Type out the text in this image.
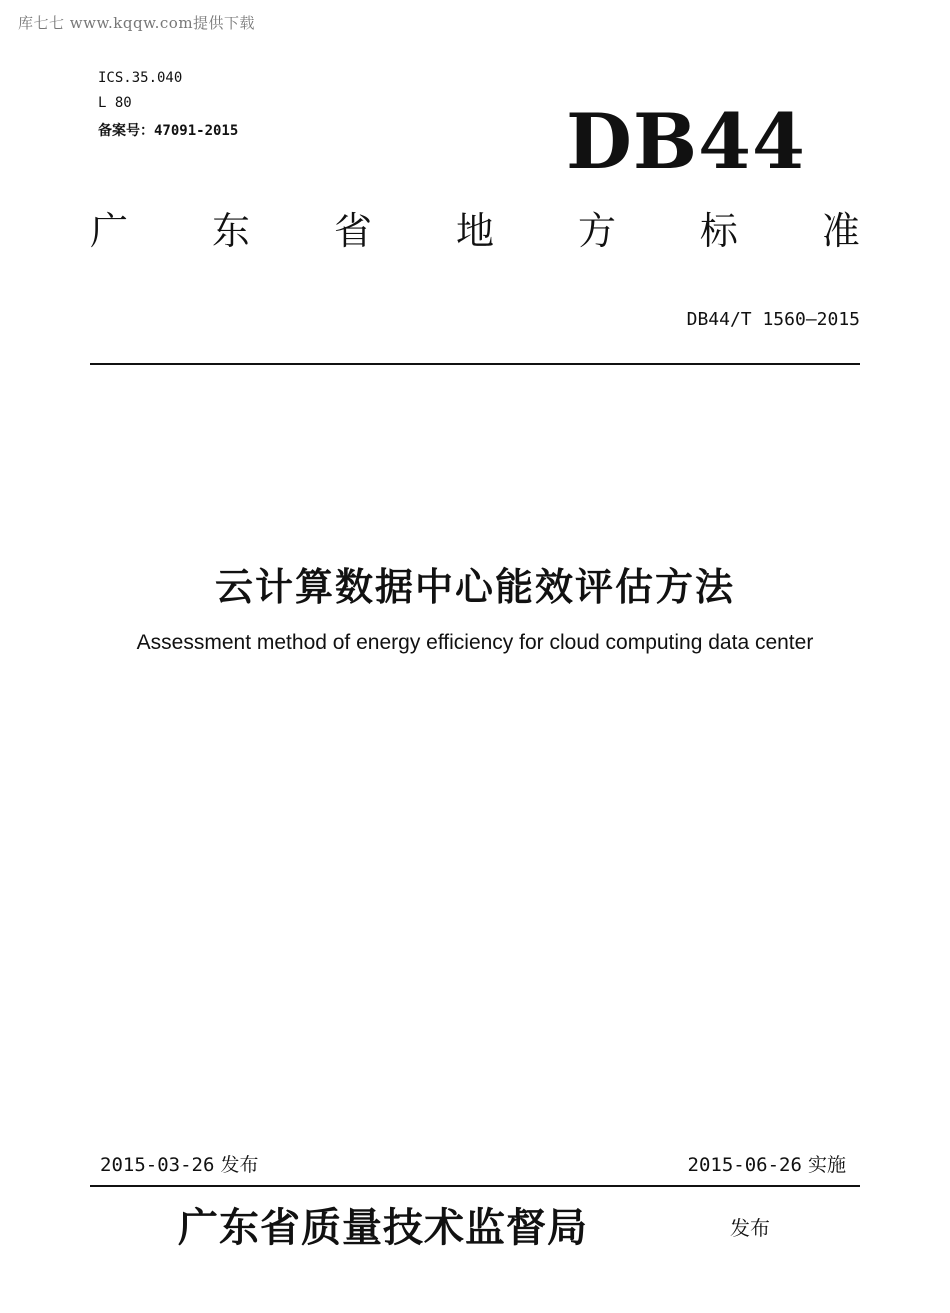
库七七 www.kqqw.com提供下载
ICS.35.040
L 80
备案号：47091-2015	DB44
广 东 省 地 方 标 准
DB44/T 1560—2015
云计算数据中心能效评估方法
Assessment method of energy efficiency for cloud computing data center
2015-03-26 发布	2015-06-26 实施
广东省质量技术监督局	发布
